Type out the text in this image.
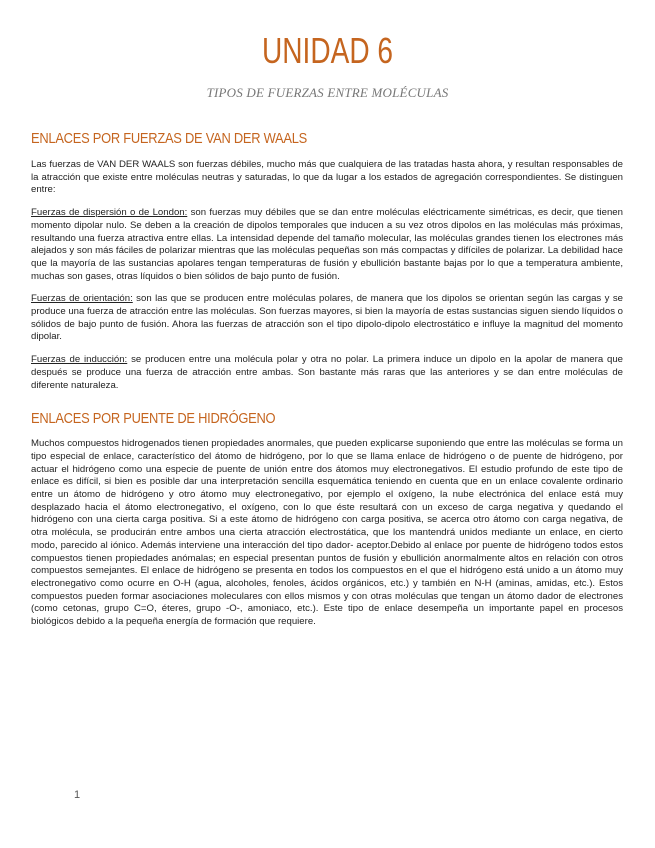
UNIDAD 6
TIPOS DE FUERZAS ENTRE MOLÉCULAS
ENLACES POR FUERZAS DE VAN DER WAALS

Las fuerzas de VAN DER WAALS son fuerzas débiles, mucho más que cualquiera de las tratadas hasta ahora, y resultan responsables de la atracción que existe entre moléculas neutras y saturadas, lo que da lugar a los estados de agregación correspondientes. Se distinguen entre:

Fuerzas de dispersión o de London: son fuerzas muy débiles que se dan entre moléculas eléctricamente simétricas, es decir, que tienen momento dipolar nulo. Se deben a la creación de dipolos temporales que inducen a su vez otros dipolos en las moléculas más próximas, resultando una fuerza atractiva entre ellas. La intensidad depende del tamaño molecular, las moléculas grandes tienen los electrones más alejados y son más fáciles de polarizar mientras que las moléculas pequeñas son más compactas y difíciles de polarizar. La debilidad hace que la mayoría de las sustancias apolares tengan temperaturas de fusión y ebullición bastante bajas por lo que a temperatura ambiente, muchas son gases, otras líquidos o bien sólidos de bajo punto de fusión.

Fuerzas de orientación: son las que se producen entre moléculas polares, de manera que los dipolos se orientan según las cargas y se produce una fuerza de atracción entre las moléculas. Son fuerzas mayores, si bien la mayoría de estas sustancias siguen siendo líquidos o sólidos de bajo punto de fusión. Ahora las fuerzas de atracción son el tipo dipolo-dipolo electrostático e influye la magnitud del momento dipolar.

Fuerzas de inducción: se producen entre una molécula polar y otra no polar. La primera induce un dipolo en la apolar de manera que después se produce una fuerza de atracción entre ambas. Son bastante más raras que las anteriores y se dan entre moléculas de diferente naturaleza.

ENLACES POR PUENTE DE HIDRÓGENO

Muchos compuestos hidrogenados tienen propiedades anormales, que pueden explicarse suponiendo que entre las moléculas se forma un tipo especial de enlace, característico del átomo de hidrógeno, por lo que se llama enlace de hidrógeno o de puente de hidrógeno, por actuar el hidrógeno como una especie de puente de unión entre dos átomos muy electronegativos. El estudio profundo de este tipo de enlace es difícil, si bien es posible dar una interpretación sencilla esquemática teniendo en cuenta que en un enlace covalente ordinario entre un átomo de hidrógeno y otro átomo muy electronegativo, por ejemplo el oxígeno, la nube electrónica del enlace está muy desplazado hacia el átomo electronegativo, el oxígeno, con lo que éste resultará con un exceso de carga negativa y quedando el hidrógeno con una cierta carga positiva. Si a este átomo de hidrógeno con carga positiva, se acerca otro átomo con carga negativa, de otra molécula, se producirán entre ambos una cierta atracción electrostática, que los mantendrá unidos mediante un enlace, en cierto modo, parecido al iónico. Además interviene una interacción del tipo dador- aceptor.Debido al enlace por puente de hidrógeno todos estos compuestos tienen propiedades anómalas; en especial presentan puntos de fusión y ebullición anormalmente altos en relación con otros compuestos semejantes. El enlace de hidrógeno se presenta en todos los compuestos en el que el hidrógeno está unido a un átomo muy electronegativo como ocurre en O-H (agua, alcoholes, fenoles, ácidos orgánicos, etc.) y también en N-H (aminas, amidas, etc.). Estos compuestos pueden formar asociaciones moleculares con ellos mismos y con otras moléculas que tengan un átomo dador de electrones (como cetonas, grupo C=O, éteres, grupo -O-, amoniaco, etc.). Este tipo de enlace desempeña un importante papel en procesos biológicos debido a la pequeña energía de formación que requiere.

1
